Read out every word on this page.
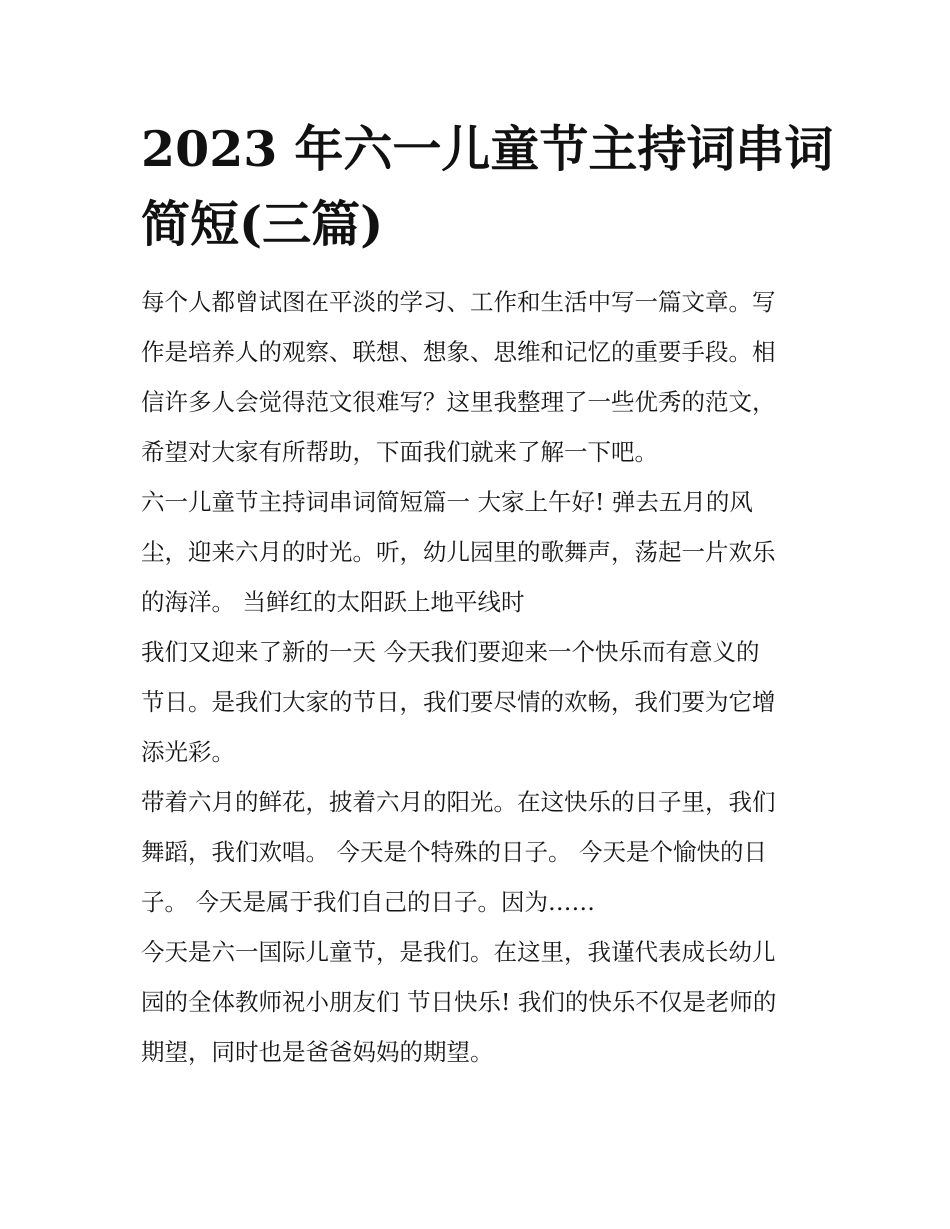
2023 年六一儿童节主持词串词
简短(三篇)
每个人都曾试图在平淡的学习、工作和生活中写一篇文章。写
作是培养人的观察、联想、想象、思维和记忆的重要手段。相
信许多人会觉得范文很难写？这里我整理了一些优秀的范文，
希望对大家有所帮助，下面我们就来了解一下吧。
六一儿童节主持词串词简短篇一 大家上午好! 弹去五月的风
尘，迎来六月的时光。听，幼儿园里的歌舞声，荡起一片欢乐
的海洋。 当鲜红的太阳跃上地平线时
我们又迎来了新的一天 今天我们要迎来一个快乐而有意义的
节日。是我们大家的节日，我们要尽情的欢畅，我们要为它增
添光彩。
带着六月的鲜花，披着六月的阳光。在这快乐的日子里，我们
舞蹈，我们欢唱。 今天是个特殊的日子。 今天是个愉快的日
子。 今天是属于我们自己的日子。因为……
今天是六一国际儿童节，是我们。在这里，我谨代表成长幼儿
园的全体教师祝小朋友们 节日快乐! 我们的快乐不仅是老师的
期望，同时也是爸爸妈妈的期望。
